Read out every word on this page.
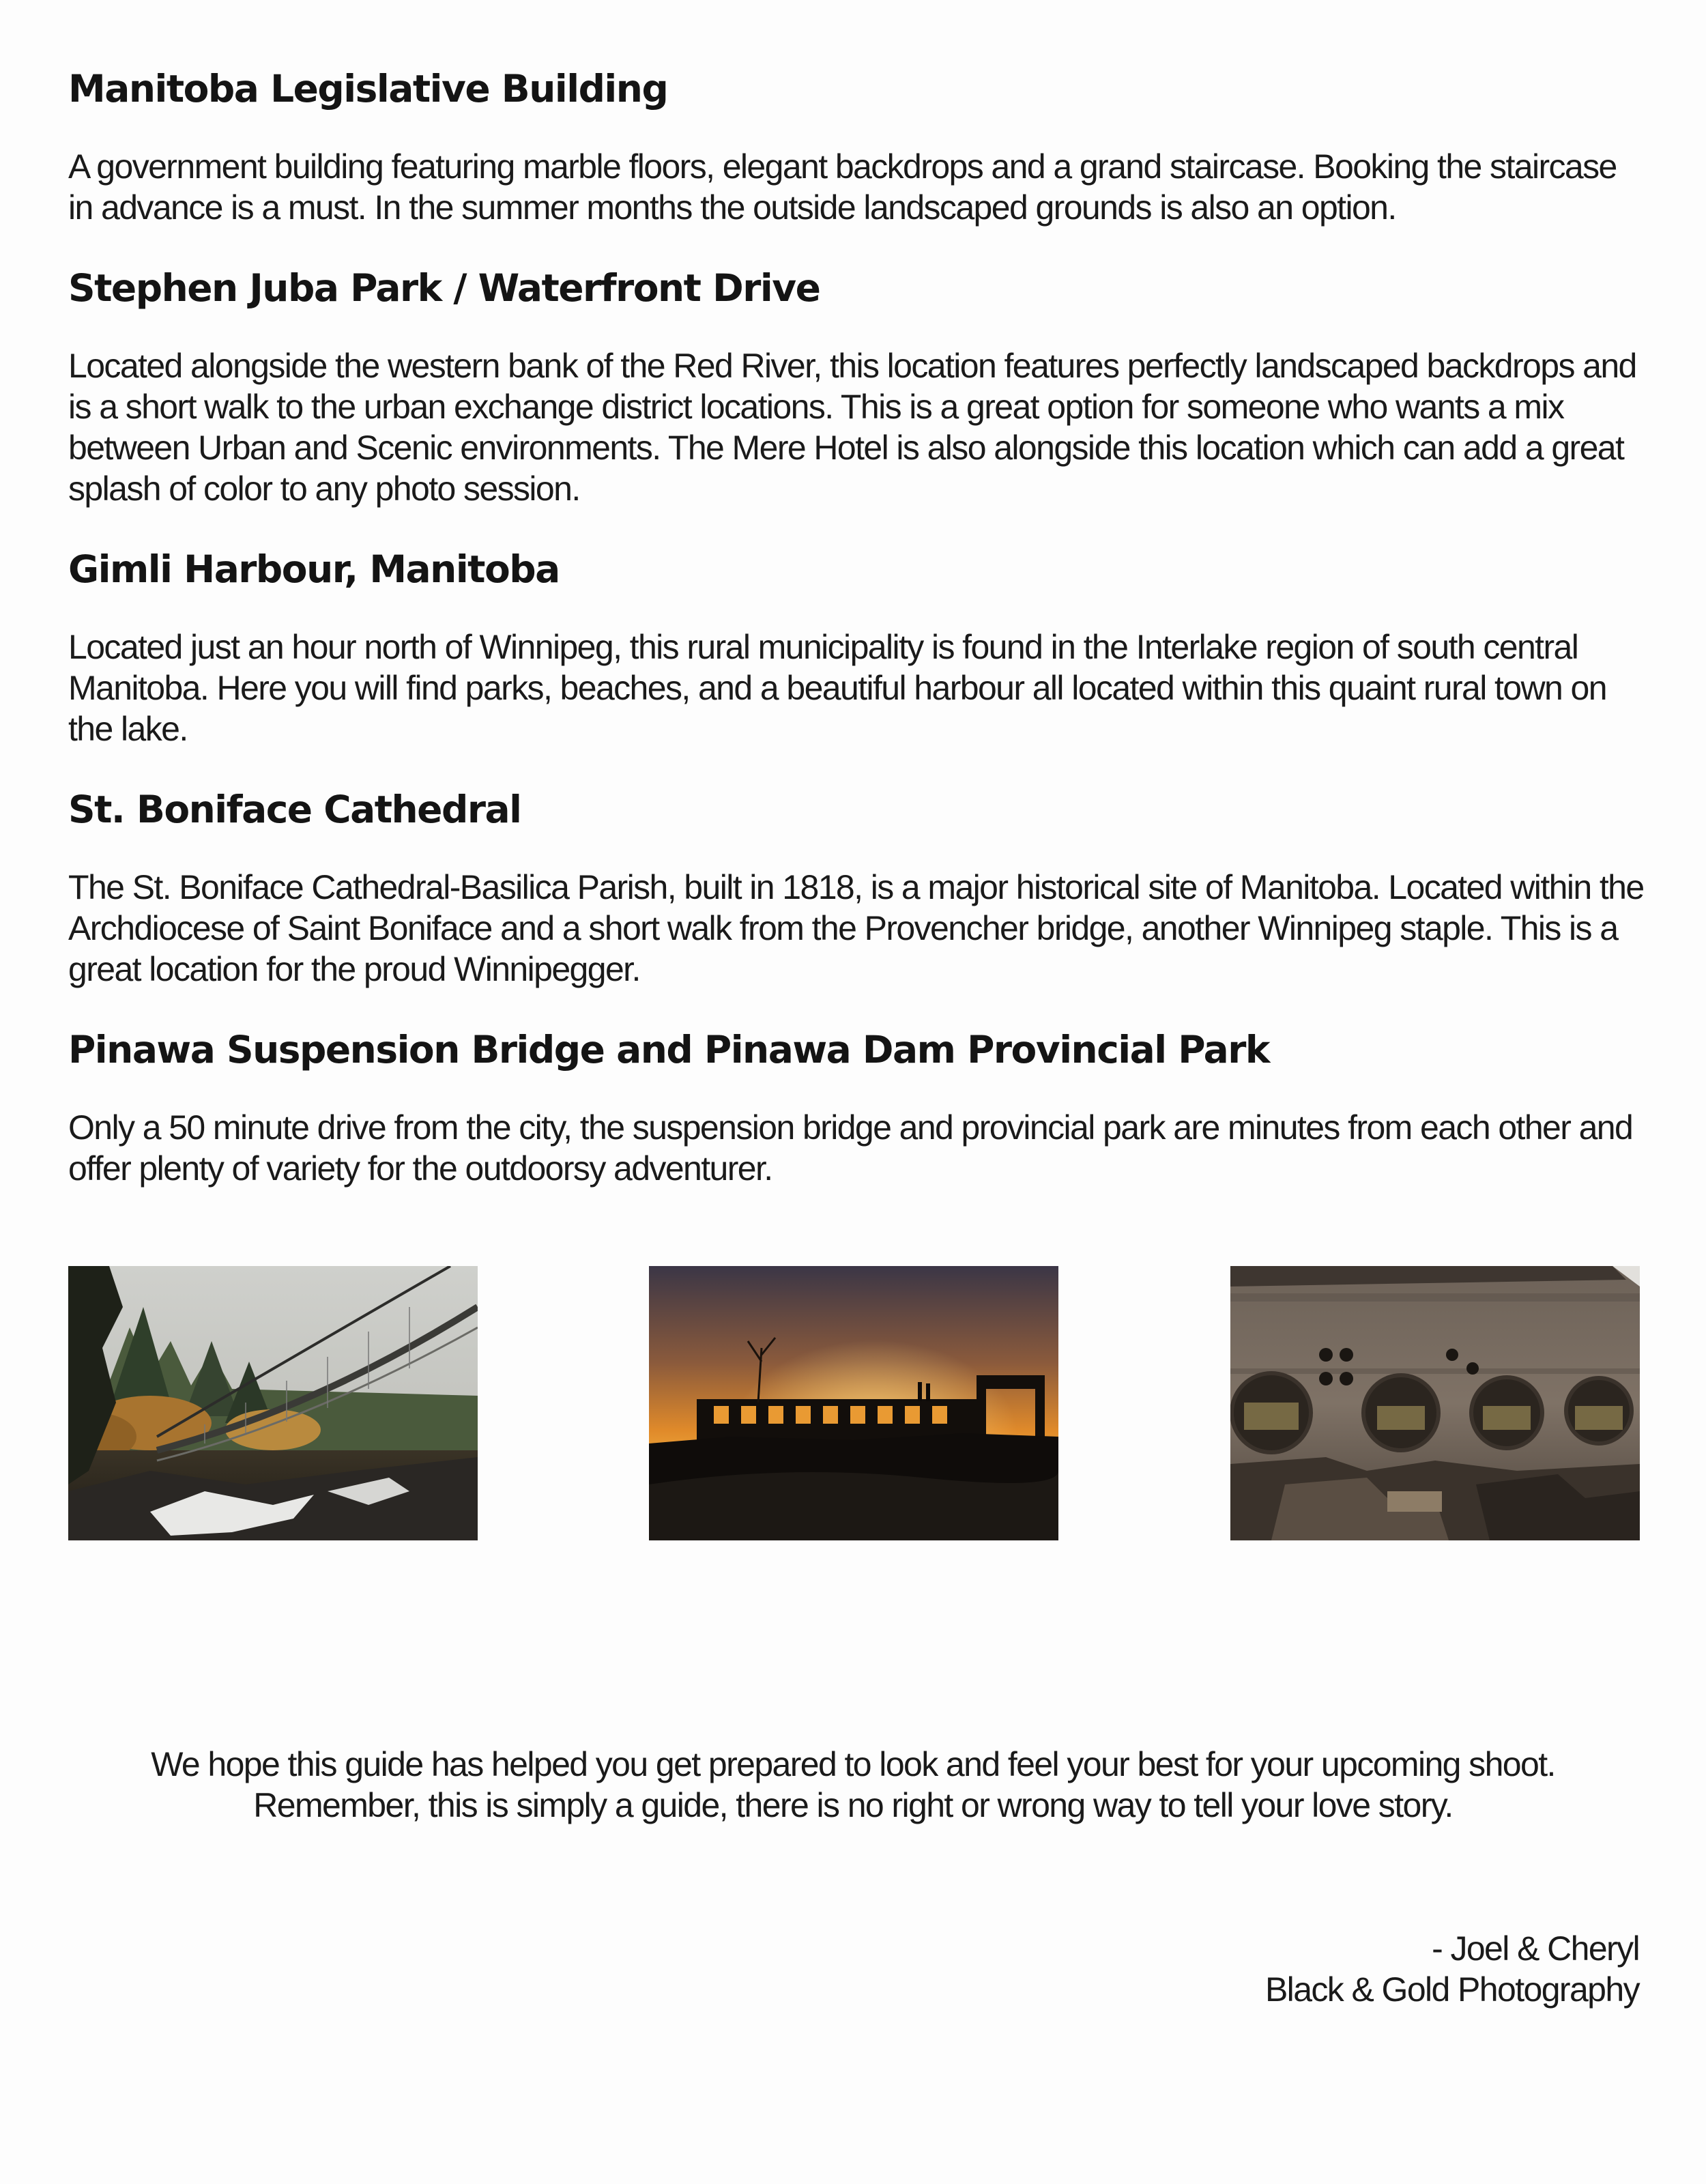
Manitoba Legislative Building

A government building featuring marble floors, elegant backdrops and a grand staircase. Booking the staircase in advance is a must. In the summer months the outside landscaped grounds is also an option.

Stephen Juba Park / Waterfront Drive

Located alongside the western bank of the Red River, this location features perfectly landscaped backdrops and is a short walk to the urban exchange district locations. This is a great option for someone who wants a mix between Urban and Scenic environments. The Mere Hotel is also alongside this location which can add a great splash of color to any photo session.

Gimli Harbour, Manitoba

Located just an hour north of Winnipeg, this rural municipality is found in the Interlake region of south central Manitoba. Here you will find parks, beaches, and a beautiful harbour all located within this quaint rural town on the lake.

St. Boniface Cathedral

The St. Boniface Cathedral-Basilica Parish, built in 1818, is a major historical site of Manitoba. Located within the Archdiocese of Saint Boniface and a short walk from the Provencher bridge, another Winnipeg staple. This is a great location for the proud Winnipegger.

Pinawa Suspension Bridge and Pinawa Dam Provincial Park

Only a 50 minute drive from the city, the suspension bridge and provincial park are minutes from each other and offer plenty of variety for the outdoorsy adventurer.

We hope this guide has helped you get prepared to look and feel your best for your upcoming shoot.
Remember, this is simply a guide, there is no right or wrong way to tell your love story.
- Joel & Cheryl
Black & Gold Photography
